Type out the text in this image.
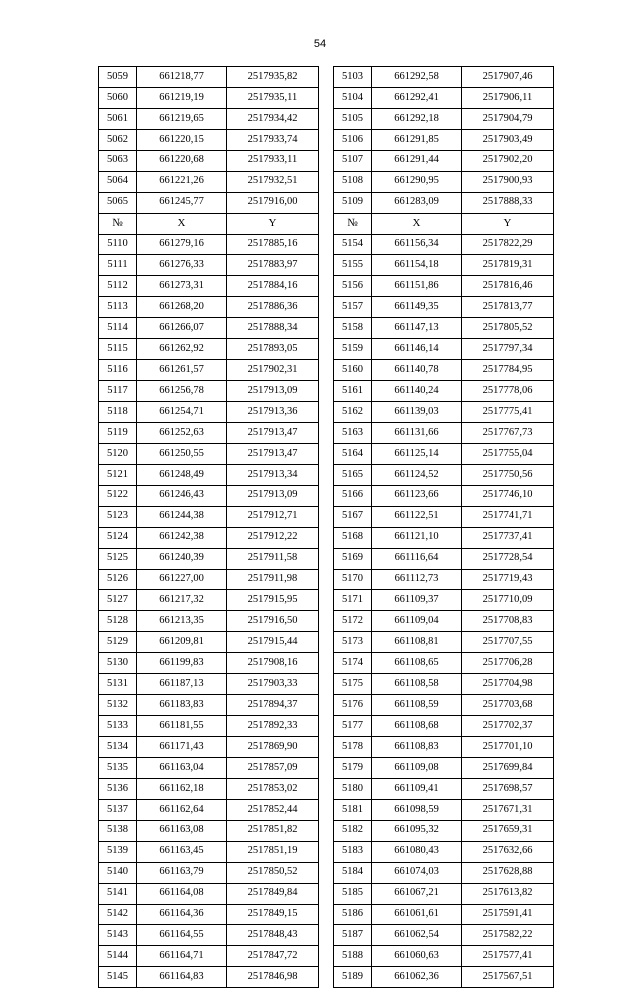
54
5059	661218,77	2517935,82
5060	661219,19	2517935,11
5061	661219,65	2517934,42
5062	661220,15	2517933,74
5063	661220,68	2517933,11
5064	661221,26	2517932,51
5065	661245,77	2517916,00
№	X	Y
5110	661279,16	2517885,16
5111	661276,33	2517883,97
5112	661273,31	2517884,16
5113	661268,20	2517886,36
5114	661266,07	2517888,34
5115	661262,92	2517893,05
5116	661261,57	2517902,31
5117	661256,78	2517913,09
5118	661254,71	2517913,36
5119	661252,63	2517913,47
5120	661250,55	2517913,47
5121	661248,49	2517913,34
5122	661246,43	2517913,09
5123	661244,38	2517912,71
5124	661242,38	2517912,22
5125	661240,39	2517911,58
5126	661227,00	2517911,98
5127	661217,32	2517915,95
5128	661213,35	2517916,50
5129	661209,81	2517915,44
5130	661199,83	2517908,16
5131	661187,13	2517903,33
5132	661183,83	2517894,37
5133	661181,55	2517892,33
5134	661171,43	2517869,90
5135	661163,04	2517857,09
5136	661162,18	2517853,02
5137	661162,64	2517852,44
5138	661163,08	2517851,82
5139	661163,45	2517851,19
5140	661163,79	2517850,52
5141	661164,08	2517849,84
5142	661164,36	2517849,15
5143	661164,55	2517848,43
5144	661164,71	2517847,72
5145	661164,83	2517846,98
5103	661292,58	2517907,46
5104	661292,41	2517906,11
5105	661292,18	2517904,79
5106	661291,85	2517903,49
5107	661291,44	2517902,20
5108	661290,95	2517900,93
5109	661283,09	2517888,33
№	X	Y
5154	661156,34	2517822,29
5155	661154,18	2517819,31
5156	661151,86	2517816,46
5157	661149,35	2517813,77
5158	661147,13	2517805,52
5159	661146,14	2517797,34
5160	661140,78	2517784,95
5161	661140,24	2517778,06
5162	661139,03	2517775,41
5163	661131,66	2517767,73
5164	661125,14	2517755,04
5165	661124,52	2517750,56
5166	661123,66	2517746,10
5167	661122,51	2517741,71
5168	661121,10	2517737,41
5169	661116,64	2517728,54
5170	661112,73	2517719,43
5171	661109,37	2517710,09
5172	661109,04	2517708,83
5173	661108,81	2517707,55
5174	661108,65	2517706,28
5175	661108,58	2517704,98
5176	661108,59	2517703,68
5177	661108,68	2517702,37
5178	661108,83	2517701,10
5179	661109,08	2517699,84
5180	661109,41	2517698,57
5181	661098,59	2517671,31
5182	661095,32	2517659,31
5183	661080,43	2517632,66
5184	661074,03	2517628,88
5185	661067,21	2517613,82
5186	661061,61	2517591,41
5187	661062,54	2517582,22
5188	661060,63	2517577,41
5189	661062,36	2517567,51
